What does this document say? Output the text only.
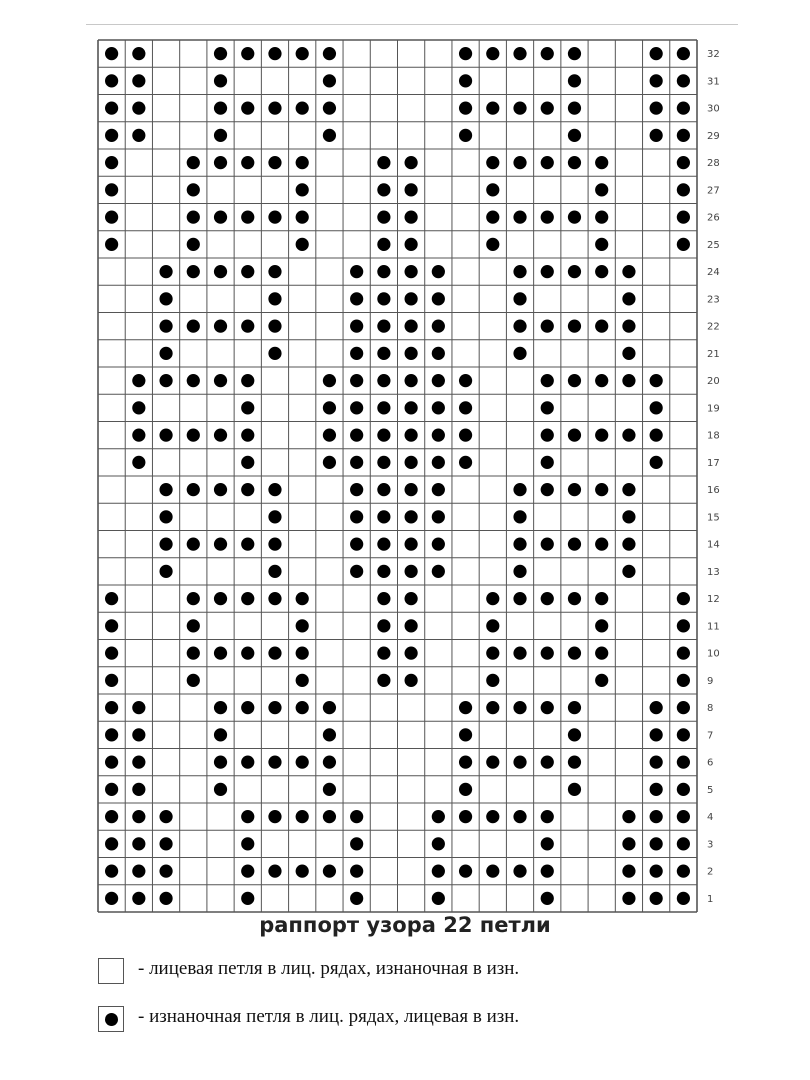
32
31
30
29
28
27
26
25
24
23
22
21
20
19
18
17
16
15
14
13
12
11
10
9
8
7
6
5
4
3
2
1
раппорт узора 22 петли
- лицевая петля в лиц. рядах, изнаночная в изн.
- изнаночная петля в лиц. рядах, лицевая в изн.
